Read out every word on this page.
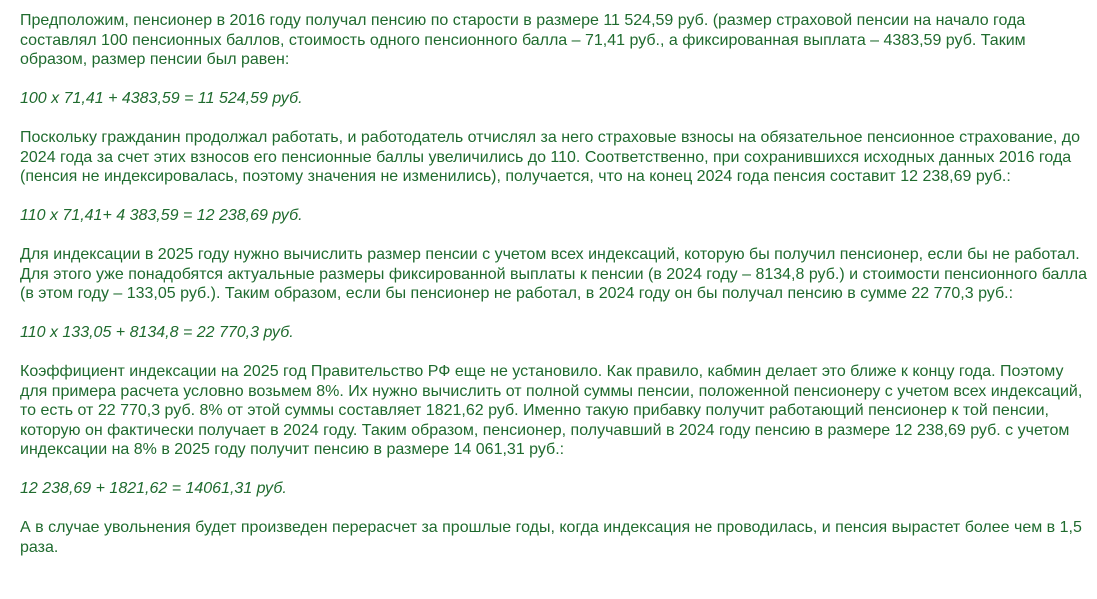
Предположим, пенсионер в 2016 году получал пенсию по старости в размере 11 524,59 руб. (размер страховой пенсии на начало года составлял 100 пенсионных баллов, стоимость одного пенсионного балла – 71,41 руб., а фиксированная выплата – 4383,59 руб. Таким образом, размер пенсии был равен:

100 х 71,41 + 4383,59 = 11 524,59 руб.

Поскольку гражданин продолжал работать, и работодатель отчислял за него страховые взносы на обязательное пенсионное страхование, до 2024 года за счет этих взносов его пенсионные баллы увеличились до 110. Соответственно, при сохранившихся исходных данных 2016 года (пенсия не индексировалась, поэтому значения не изменились), получается, что на конец 2024 года пенсия составит 12 238,69 руб.:

110 х 71,41+ 4 383,59 = 12 238,69 руб.

Для индексации в 2025 году нужно вычислить размер пенсии с учетом всех индексаций, которую бы получил пенсионер, если бы не работал. Для этого уже понадобятся актуальные размеры фиксированной выплаты к пенсии (в 2024 году – 8134,8 руб.) и стоимости пенсионного балла (в этом году – 133,05 руб.). Таким образом, если бы пенсионер не работал, в 2024 году он бы получал пенсию в сумме 22 770,3 руб.:

110 х 133,05 + 8134,8 = 22 770,3 руб.

Коэффициент индексации на 2025 год Правительство РФ еще не установило. Как правило, кабмин делает это ближе к концу года. Поэтому для примера расчета условно возьмем 8%. Их нужно вычислить от полной суммы пенсии, положенной пенсионеру с учетом всех индексаций, то есть от 22 770,3 руб. 8% от этой суммы составляет 1821,62 руб. Именно такую прибавку получит работающий пенсионер к той пенсии, которую он фактически получает в 2024 году. Таким образом, пенсионер, получавший в 2024 году пенсию в размере 12 238,69 руб. с учетом индексации на 8% в 2025 году получит пенсию в размере 14 061,31 руб.:

12 238,69 + 1821,62 = 14061,31 руб.

А в случае увольнения будет произведен перерасчет за прошлые годы, когда индексация не проводилась, и пенсия вырастет более чем в 1,5 раза.
